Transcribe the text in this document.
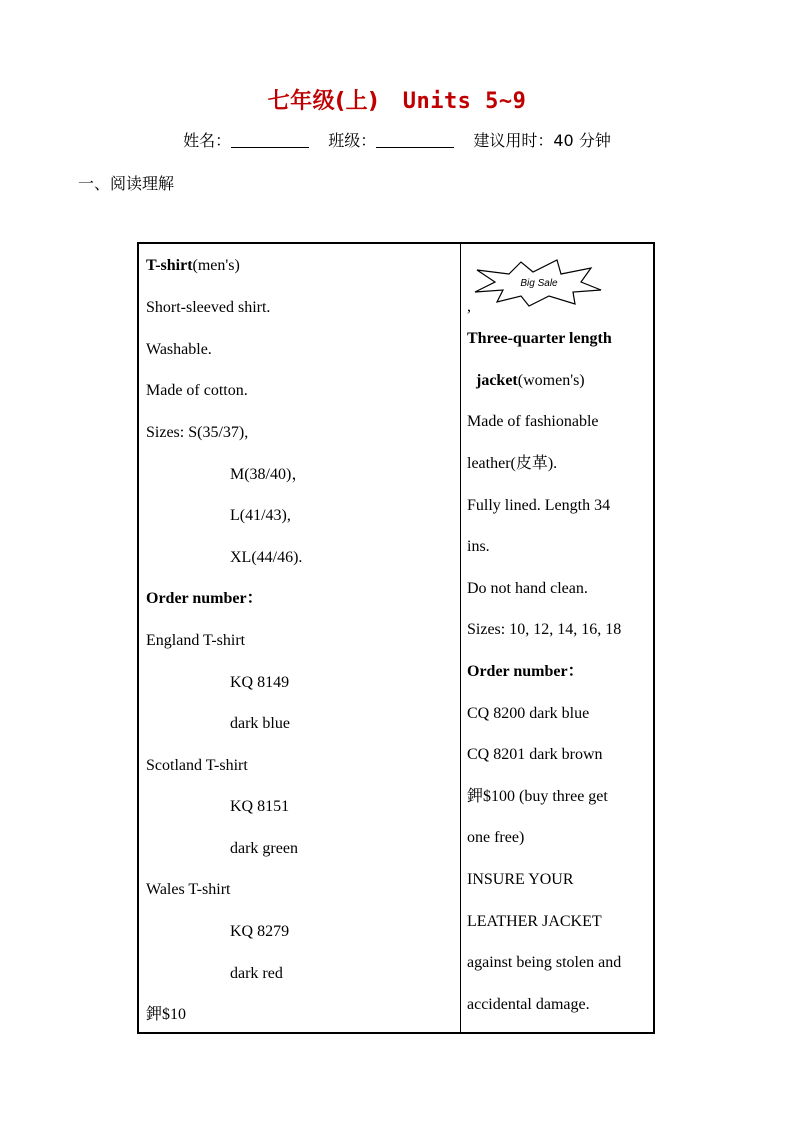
七年级(上) Units 5~9
姓名：	班级：	建议用时：40 分钟
一、阅读理解
T-shirt(men's)
Short-sleeved shirt.
Washable.
Made of cotton.
Sizes: S(35/37),
M(38/40)，
L(41/43),
XL(44/46).
Order number：
England T-shirt
KQ 8149
dark blue
Scotland T-shirt
KQ 8151
dark green
Wales T-shirt
KQ 8279
dark red
鉀$10
Big Sale
,
Three-quarter length
jacket(women's)
Made of fashionable
leather(皮革).
Fully lined. Length 34
ins.
Do not hand clean.
Sizes: 10, 12, 14, 16, 18
Order number：
CQ 8200 dark blue
CQ 8201 dark brown
鉀$100 (buy three get
one free)
INSURE YOUR
LEATHER JACKET
against being stolen and
accidental damage.
